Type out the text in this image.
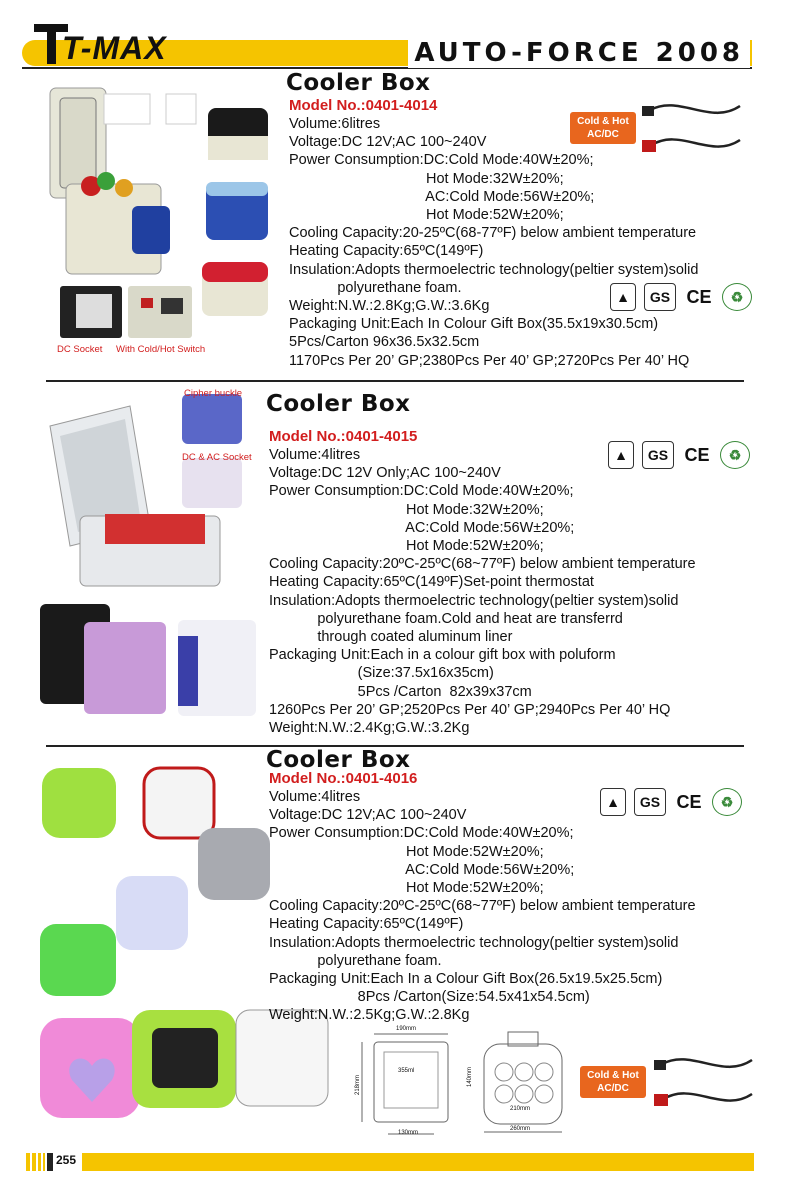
T-MAX	AUTO-FORCE 2008
DC Socket With Cold/Hot Switch
Cooler Box
Model No.:0401-4014
Volume:6litres
Voltage:DC 12V;AC 100~240V
Power Consumption:DC:Cold Mode:40W±20%;
Hot Mode:32W±20%;
AC:Cold Mode:56W±20%;
Hot Mode:52W±20%;
Cooling Capacity:20-25ºC(68-77ºF) below ambient temperature
Heating Capacity:65ºC(149ºF)
Insulation:Adopts thermoelectric technology(peltier system)solid
polyurethane foam.
Weight:N.W.:2.8Kg;G.W.:3.6Kg
Packaging Unit:Each In Colour Gift Box(35.5x19x30.5cm)
5Pcs/Carton 96x36.5x32.5cm
1170Pcs Per 20’ GP;2380Pcs Per 40’ GP;2720Pcs Per 40’ HQ
Cold & Hot
AC/DC
▲	GS CE	♻
Cipher buckle
DC & AC Socket
Cooler Box
Model No.:0401-4015
Volume:4litres
Voltage:DC 12V Only;AC 100~240V
Power Consumption:DC:Cold Mode:40W±20%;
Hot Mode:32W±20%;
AC:Cold Mode:56W±20%;
Hot Mode:52W±20%;
Cooling Capacity:20ºC-25ºC(68~77ºF) below ambient temperature
Heating Capacity:65ºC(149ºF)Set-point thermostat
Insulation:Adopts thermoelectric technology(peltier system)solid
polyurethane foam.Cold and heat are transferrd
through coated aluminum liner
Packaging Unit:Each in a colour gift box with poluform
(Size:37.5x16x35cm)
5Pcs /Carton  82x39x37cm
1260Pcs Per 20’ GP;2520Pcs Per 40’ GP;2940Pcs Per 40’ HQ
Weight:N.W.:2.4Kg;G.W.:3.2Kg
▲	GS CE	♻
Cooler Box
Model No.:0401-4016
Volume:4litres
Voltage:DC 12V;AC 100~240V
Power Consumption:DC:Cold Mode:40W±20%;
Hot Mode:52W±20%;
AC:Cold Mode:56W±20%;
Hot Mode:52W±20%;
Cooling Capacity:20ºC-25ºC(68~77ºF) below ambient temperature
Heating Capacity:65ºC(149ºF)
Insulation:Adopts thermoelectric technology(peltier system)solid
polyurethane foam.
Packaging Unit:Each In a Colour Gift Box(26.5x19.5x25.5cm)
8Pcs /Carton(Size:54.5x41x54.5cm)
Weight:N.W.:2.5Kg;G.W.:2.8Kg
▲	GS CE	♻
190mm
355ml
218mm
130mm
140mm
210mm
260mm
Cold & Hot
AC/DC
255
